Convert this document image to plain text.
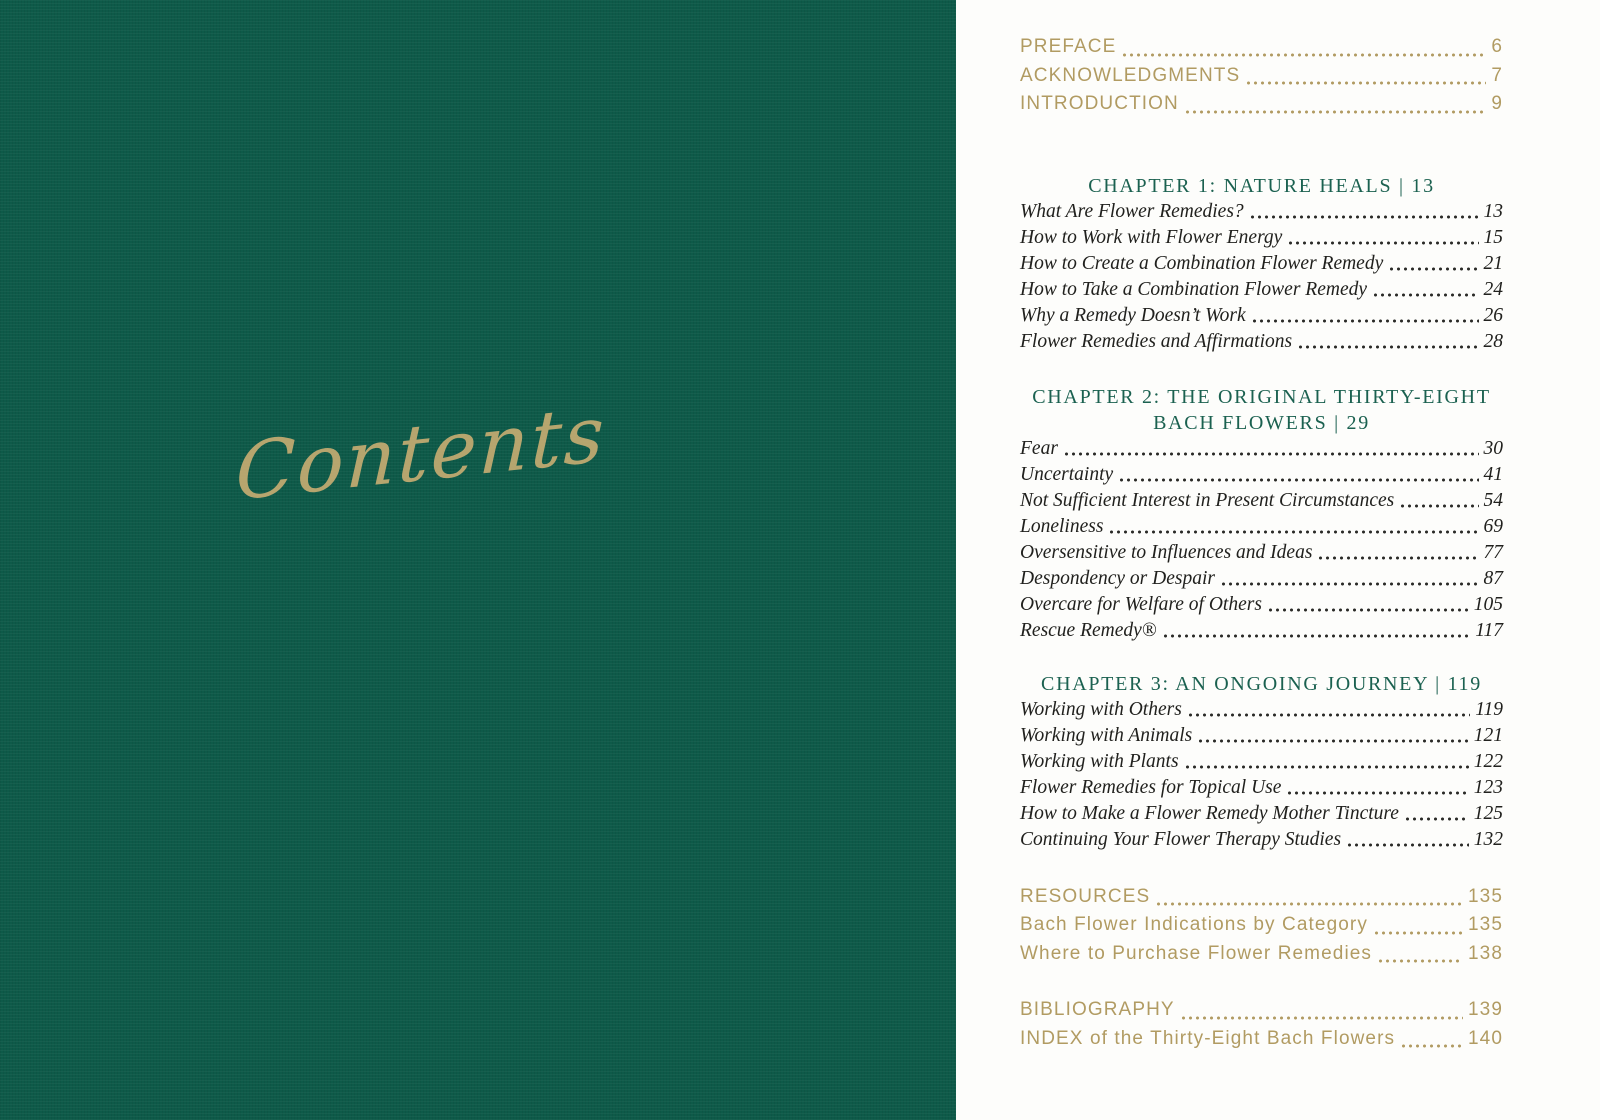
Contents
PREFACE	6
ACKNOWLEDGMENTS	7
INTRODUCTION	9
CHAPTER 1: NATURE HEALS | 13
What Are Flower Remedies?	13
How to Work with Flower Energy	15
How to Create a Combination Flower Remedy	21
How to Take a Combination Flower Remedy	24
Why a Remedy Doesn’t Work	26
Flower Remedies and Affirmations	28
CHAPTER 2: THE ORIGINAL THIRTY-EIGHT
BACH FLOWERS | 29
Fear	30
Uncertainty	41
Not Sufficient Interest in Present Circumstances	54
Loneliness	69
Oversensitive to Influences and Ideas	77
Despondency or Despair	87
Overcare for Welfare of Others	105
Rescue Remedy®	117
CHAPTER 3: AN ONGOING JOURNEY | 119
Working with Others	119
Working with Animals	121
Working with Plants	122
Flower Remedies for Topical Use	123
How to Make a Flower Remedy Mother Tincture	125
Continuing Your Flower Therapy Studies	132
RESOURCES	135
Bach Flower Indications by Category	135
Where to Purchase Flower Remedies	138
BIBLIOGRAPHY	139
INDEX of the Thirty-Eight Bach Flowers	140
